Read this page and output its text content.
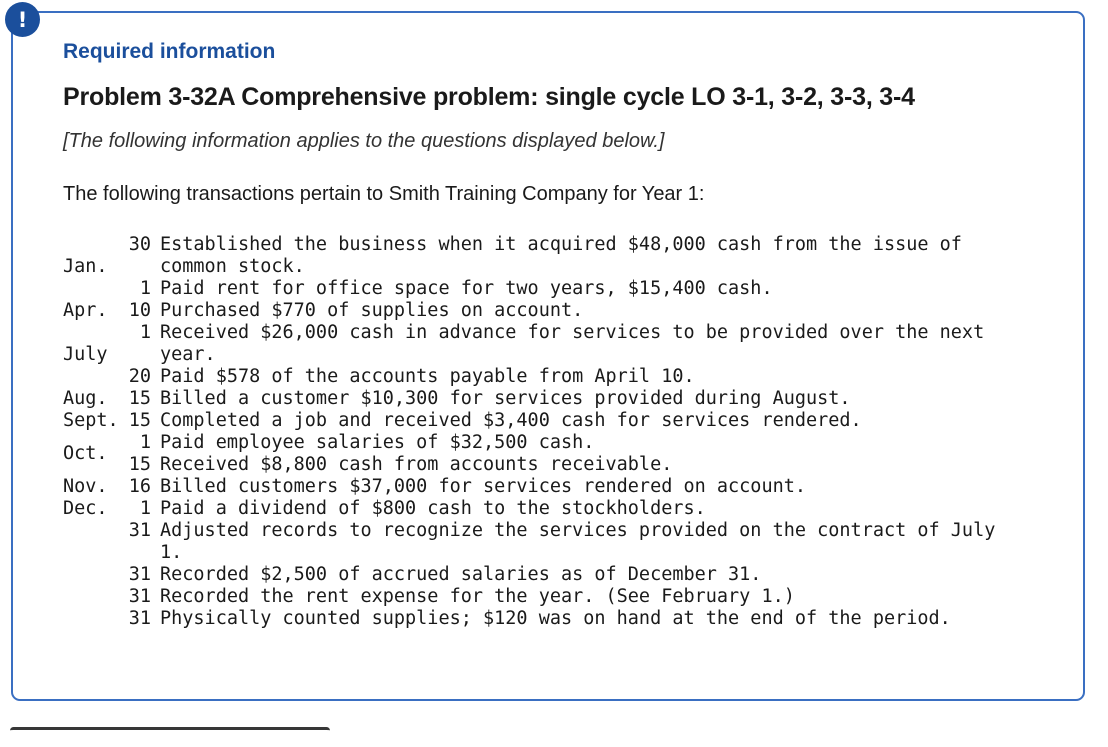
!
Required information
Problem 3-32A Comprehensive problem: single cycle LO 3-1, 3-2, 3-3, 3-4

[The following information applies to the questions displayed below.]

The following transactions pertain to Smith Training Company for Year 1:

Jan.	30	Established the business when it acquired $48,000 cash from the issue of common stock.
	1	Paid rent for office space for two years, $15,400 cash.
Apr.	10	Purchased $770 of supplies on account.
July	1	Received $26,000 cash in advance for services to be provided over the next year.
	20	Paid $578 of the accounts payable from April 10.
Aug.	15	Billed a customer $10,300 for services provided during August.
Sept.	15	Completed a job and received $3,400 cash for services rendered.
Oct.	1	Paid employee salaries of $32,500 cash.
	15	Received $8,800 cash from accounts receivable.
Nov.	16	Billed customers $37,000 for services rendered on account.
Dec.	1	Paid a dividend of $800 cash to the stockholders.
	31	Adjusted records to recognize the services provided on the contract of July 1.
	31	Recorded $2,500 of accrued salaries as of December 31.
	31	Recorded the rent expense for the year. (See February 1.)
	31	Physically counted supplies; $120 was on hand at the end of the period.
